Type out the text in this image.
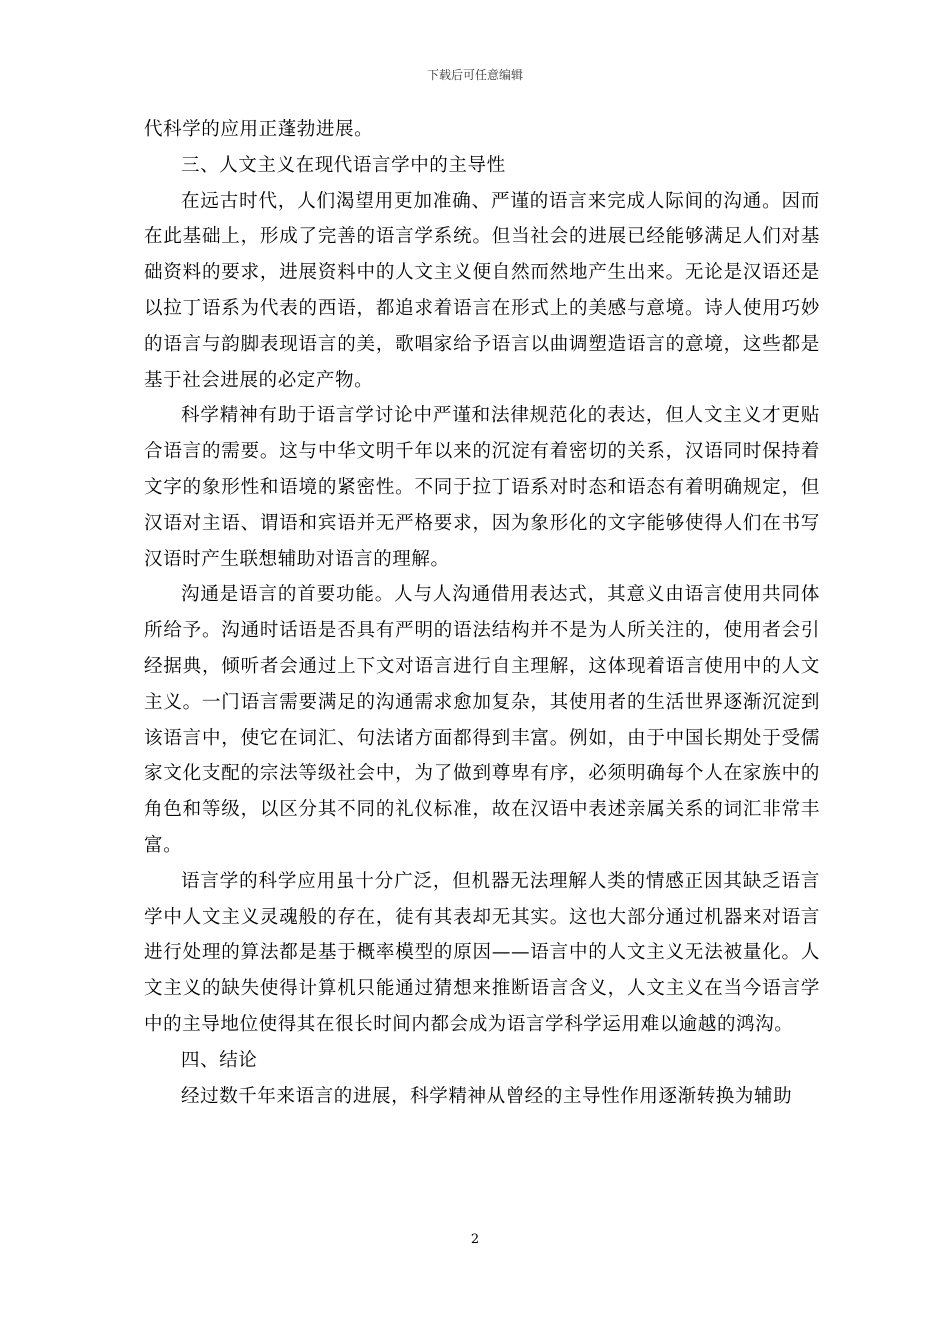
下载后可任意编辑

代科学的应用正蓬勃进展。

三、人文主义在现代语言学中的主导性

在远古时代，人们渴望用更加准确、严谨的语言来完成人际间的沟通。因而在此基础上，形成了完善的语言学系统。但当社会的进展已经能够满足人们对基础资料的要求，进展资料中的人文主义便自然而然地产生出来。无论是汉语还是以拉丁语系为代表的西语，都追求着语言在形式上的美感与意境。诗人使用巧妙的语言与韵脚表现语言的美，歌唱家给予语言以曲调塑造语言的意境，这些都是基于社会进展的必定产物。

科学精神有助于语言学讨论中严谨和法律规范化的表达，但人文主义才更贴合语言的需要。这与中华文明千年以来的沉淀有着密切的关系，汉语同时保持着文字的象形性和语境的紧密性。不同于拉丁语系对时态和语态有着明确规定，但汉语对主语、谓语和宾语并无严格要求，因为象形化的文字能够使得人们在书写汉语时产生联想辅助对语言的理解。

沟通是语言的首要功能。人与人沟通借用表达式，其意义由语言使用共同体所给予。沟通时话语是否具有严明的语法结构并不是为人所关注的，使用者会引经据典，倾听者会通过上下文对语言进行自主理解，这体现着语言使用中的人文主义。一门语言需要满足的沟通需求愈加复杂，其使用者的生活世界逐渐沉淀到该语言中，使它在词汇、句法诸方面都得到丰富。例如，由于中国长期处于受儒家文化支配的宗法等级社会中，为了做到尊卑有序，必须明确每个人在家族中的角色和等级，以区分其不同的礼仪标准，故在汉语中表述亲属关系的词汇非常丰富。

语言学的科学应用虽十分广泛，但机器无法理解人类的情感正因其缺乏语言学中人文主义灵魂般的存在，徒有其表却无其实。这也大部分通过机器来对语言进行处理的算法都是基于概率模型的原因——语言中的人文主义无法被量化。人文主义的缺失使得计算机只能通过猜想来推断语言含义，人文主义在当今语言学中的主导地位使得其在很长时间内都会成为语言学科学运用难以逾越的鸿沟。

四、结论

经过数千年来语言的进展，科学精神从曾经的主导性作用逐渐转换为辅助

2
